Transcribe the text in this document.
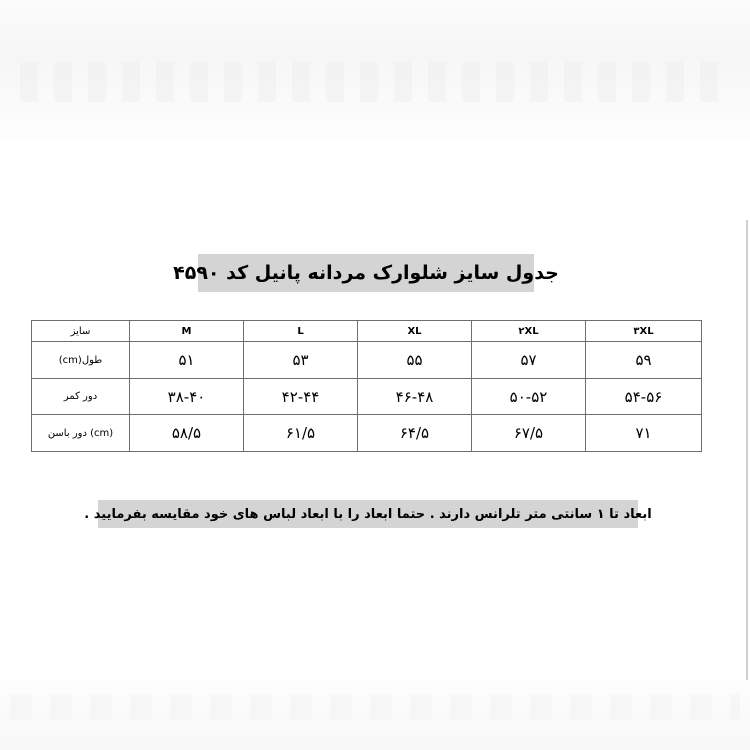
جدول سایز شلوارک مردانه پانیل کد ۴۵۹۰
سایز	M	L	XL	۲XL	۳XL
طول(cm)	۵۱	۵۳	۵۵	۵۷	۵۹
دور کمر	۳۸-۴۰	۴۲-۴۴	۴۶-۴۸	۵۰-۵۲	۵۴-۵۶
(cm) دور باسن	۵۸/۵	۶۱/۵	۶۴/۵	۶۷/۵	۷۱
ابعاد تا ۱ سانتی متر تلرانس دارند . حتما ابعاد را با ابعاد لباس های خود مقایسه بفرمایید .
